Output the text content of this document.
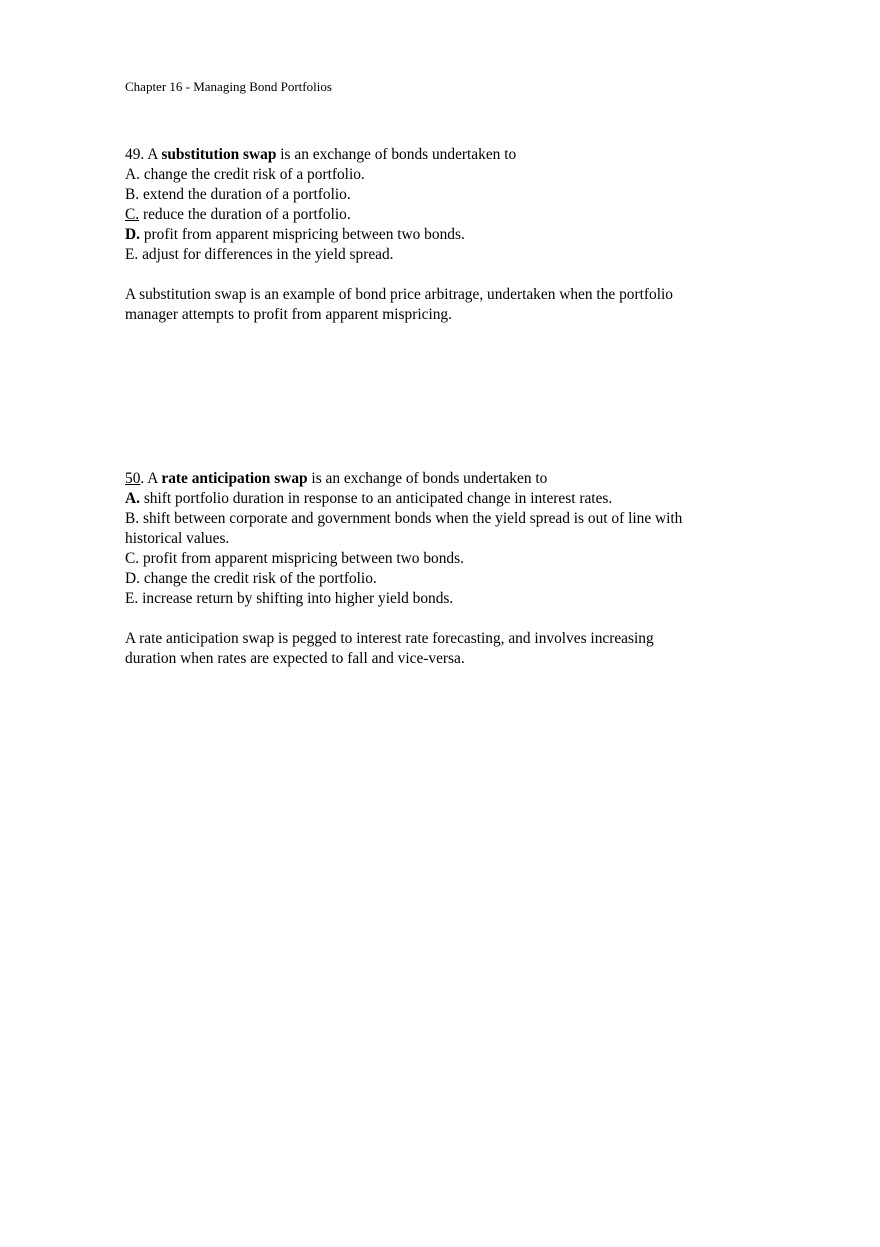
Chapter 16 - Managing Bond Portfolios

49. A substitution swap is an exchange of bonds undertaken to

A. change the credit risk of a portfolio.

B. extend the duration of a portfolio.

C. reduce the duration of a portfolio.

D. profit from apparent mispricing between two bonds.

E. adjust for differences in the yield spread.

A substitution swap is an example of bond price arbitrage, undertaken when the portfolio

manager attempts to profit from apparent mispricing.

50. A rate anticipation swap is an exchange of bonds undertaken to

A. shift portfolio duration in response to an anticipated change in interest rates.

B. shift between corporate and government bonds when the yield spread is out of line with

historical values.

C. profit from apparent mispricing between two bonds.

D. change the credit risk of the portfolio.

E. increase return by shifting into higher yield bonds.

A rate anticipation swap is pegged to interest rate forecasting, and involves increasing

duration when rates are expected to fall and vice-versa.
